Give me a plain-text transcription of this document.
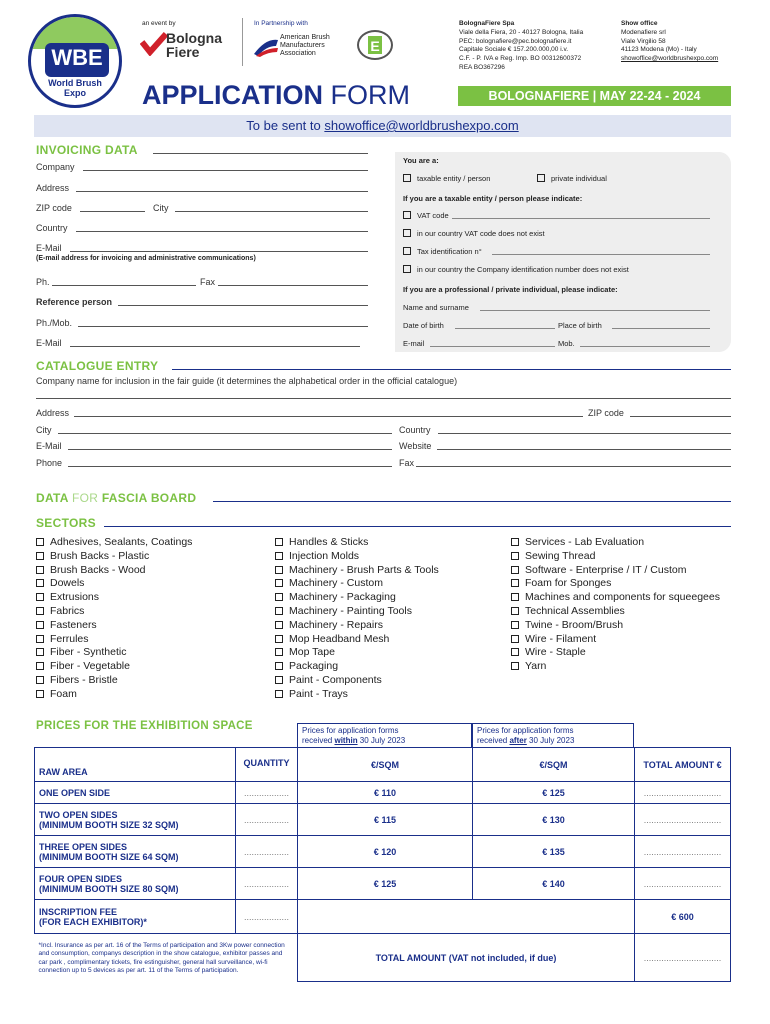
WBE
World Brush
Expo
an event by
Bologna
Fiere
In Partnership with
American Brush
Manufacturers
Association	E
BolognaFiere Spa
Viale della Fiera, 20 - 40127 Bologna, Italia
PEC: bolognafiere@pec.bolognafiere.it
Capitale Sociale € 157.200.000,00 i.v.
C.F. - P. IVA e Reg. Imp. BO 00312600372
REA BO367296
Show office
Modenafiere srl
Viale Virgilio 58
41123 Modena (Mo) - Italy
showoffice@worldbrushexpo.com
APPLICATION FORM	BOLOGNAFIERE | MAY 22-24 - 2024
To be sent to showoffice@worldbrushexpo.com
INVOICING DATA
Company
Address
ZIP code	City
Country
E-Mail
(E-mail address for invoicing and administrative communications)
Ph.	Fax
Reference person
Ph./Mob.
E-Mail
You are a:
taxable entity / person	private individual
If you are a taxable entity / person please indicate:
VAT code
in our country VAT code does not exist
Tax identification n°
in our country the Company identification number does not exist
If you are a professional / private individual, please indicate:
Name and surname
Date of birth	Place of birth
E-mail	Mob.
CATALOGUE ENTRY
Company name for inclusion in the fair guide (it determines the alphabetical order in the official catalogue)
Address	ZIP code
City	Country
E-Mail	Website
Phone	Fax
DATA FOR FASCIA BOARD
SECTORS
Adhesives, Sealants, Coatings
Brush Backs - Plastic
Brush Backs - Wood
Dowels
Extrusions
Fabrics
Fasteners
Ferrules
Fiber - Synthetic
Fiber - Vegetable
Fibers - Bristle
Foam
Handles & Sticks
Injection Molds
Machinery - Brush Parts & Tools
Machinery - Custom
Machinery - Packaging
Machinery - Painting Tools
Machinery - Repairs
Mop Headband Mesh
Mop Tape
Packaging
Paint - Components
Paint - Trays
Services - Lab Evaluation
Sewing Thread
Software - Enterprise / IT / Custom
Foam for Sponges
Machines and components for squeegees
Technical Assemblies
Twine - Broom/Brush
Wire - Filament
Wire - Staple
Yarn
PRICES FOR THE EXHIBITION SPACE	Prices for application forms
received within 30 July 2023
Prices for application forms
received after 30 July 2023
RAW AREA	QUANTITY	€/SQM	€/SQM	TOTAL AMOUNT €

ONE OPEN SIDE	..................	€ 110	€ 125	...............................

TWO OPEN SIDES
(MINIMUM BOOTH SIZE 32 SQM)	..................	€ 115	€ 130	...............................

THREE OPEN SIDES
(MINIMUM BOOTH SIZE 64 SQM)	..................	€ 120	€ 135	...............................

FOUR OPEN SIDES
(MINIMUM BOOTH SIZE 80 SQM)	..................	€ 125	€ 140	...............................

INSCRIPTION FEE
(FOR EACH EXHIBITOR)*	..................			€ 600
*Incl. Insurance as per art. 16 of the Terms of participation and 3Kw power connection and consumption, companys description in the show catalogue, exhibitor passes and car park , complimentary tickets, fire estinguisher, general hall surveillance, wi-fi connection up to 5 devices as per art. 11 of the Terms of participation.		TOTAL AMOUNT (VAT not included, if due)		...............................
